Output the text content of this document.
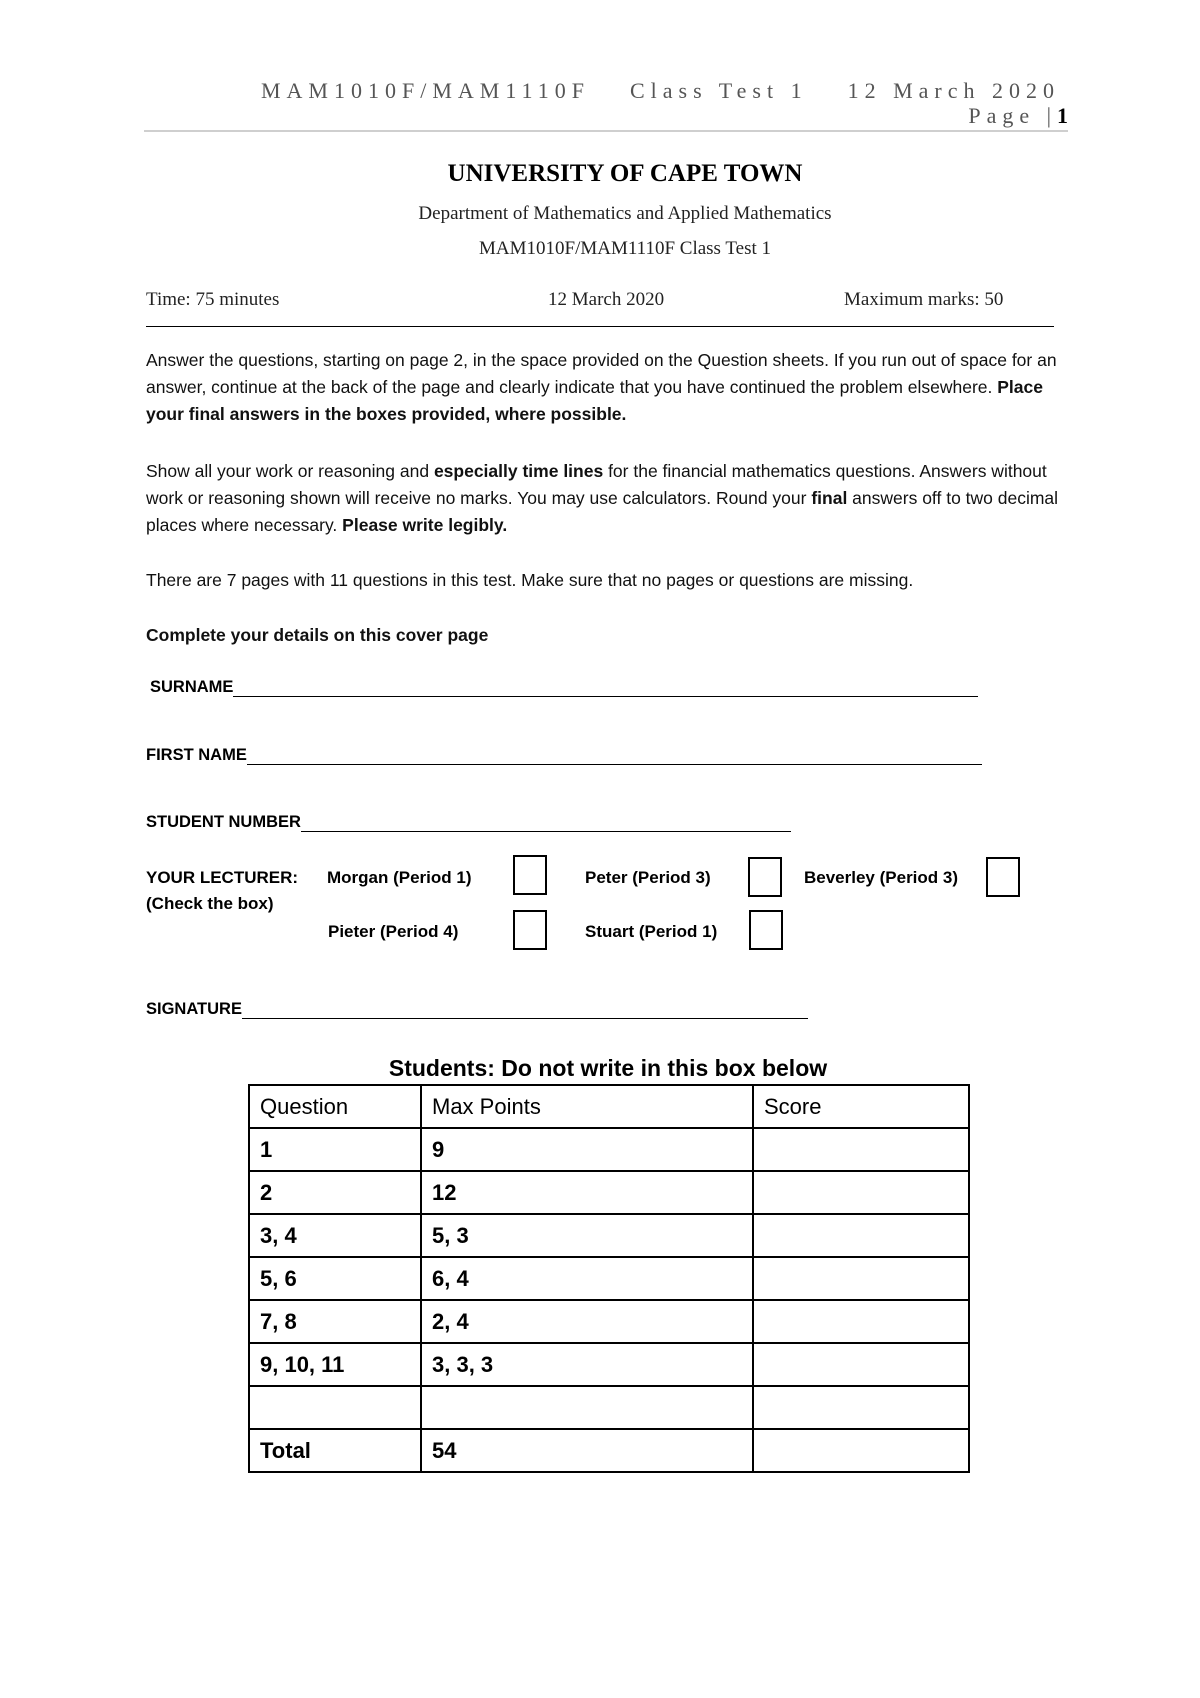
MAM1010F/MAM1110F Class Test 1 12 March 2020
Page |1
UNIVERSITY OF CAPE TOWN
Department of Mathematics and Applied Mathematics
MAM1010F/MAM1110F Class Test 1
Time: 75 minutes	12 March 2020	Maximum marks: 50
Answer the questions, starting on page 2, in the space provided on the Question sheets. If you run out of space for an answer, continue at the back of the page and clearly indicate that you have continued the problem elsewhere. Place your final answers in the boxes provided, where possible.
Show all your work or reasoning and especially time lines for the financial mathematics questions. Answers without work or reasoning shown will receive no marks. You may use calculators. Round your final answers off to two decimal places where necessary. Please write legibly.
There are 7 pages with 11 questions in this test. Make sure that no pages or questions are missing.
Complete your details on this cover page
SURNAME
FIRST NAME
STUDENT NUMBER
YOUR LECTURER:
(Check the box)
Morgan (Period 1)	Peter (Period 3)	Beverley (Period 3)
Pieter (Period 4)	Stuart (Period 1)
SIGNATURE
Students: Do not write in this box below
Question	Max Points	Score
1	9	
2	12	
3, 4	5, 3	
5, 6	6, 4	
7, 8	2, 4	
9, 10, 11	3, 3, 3	

Total	54	
